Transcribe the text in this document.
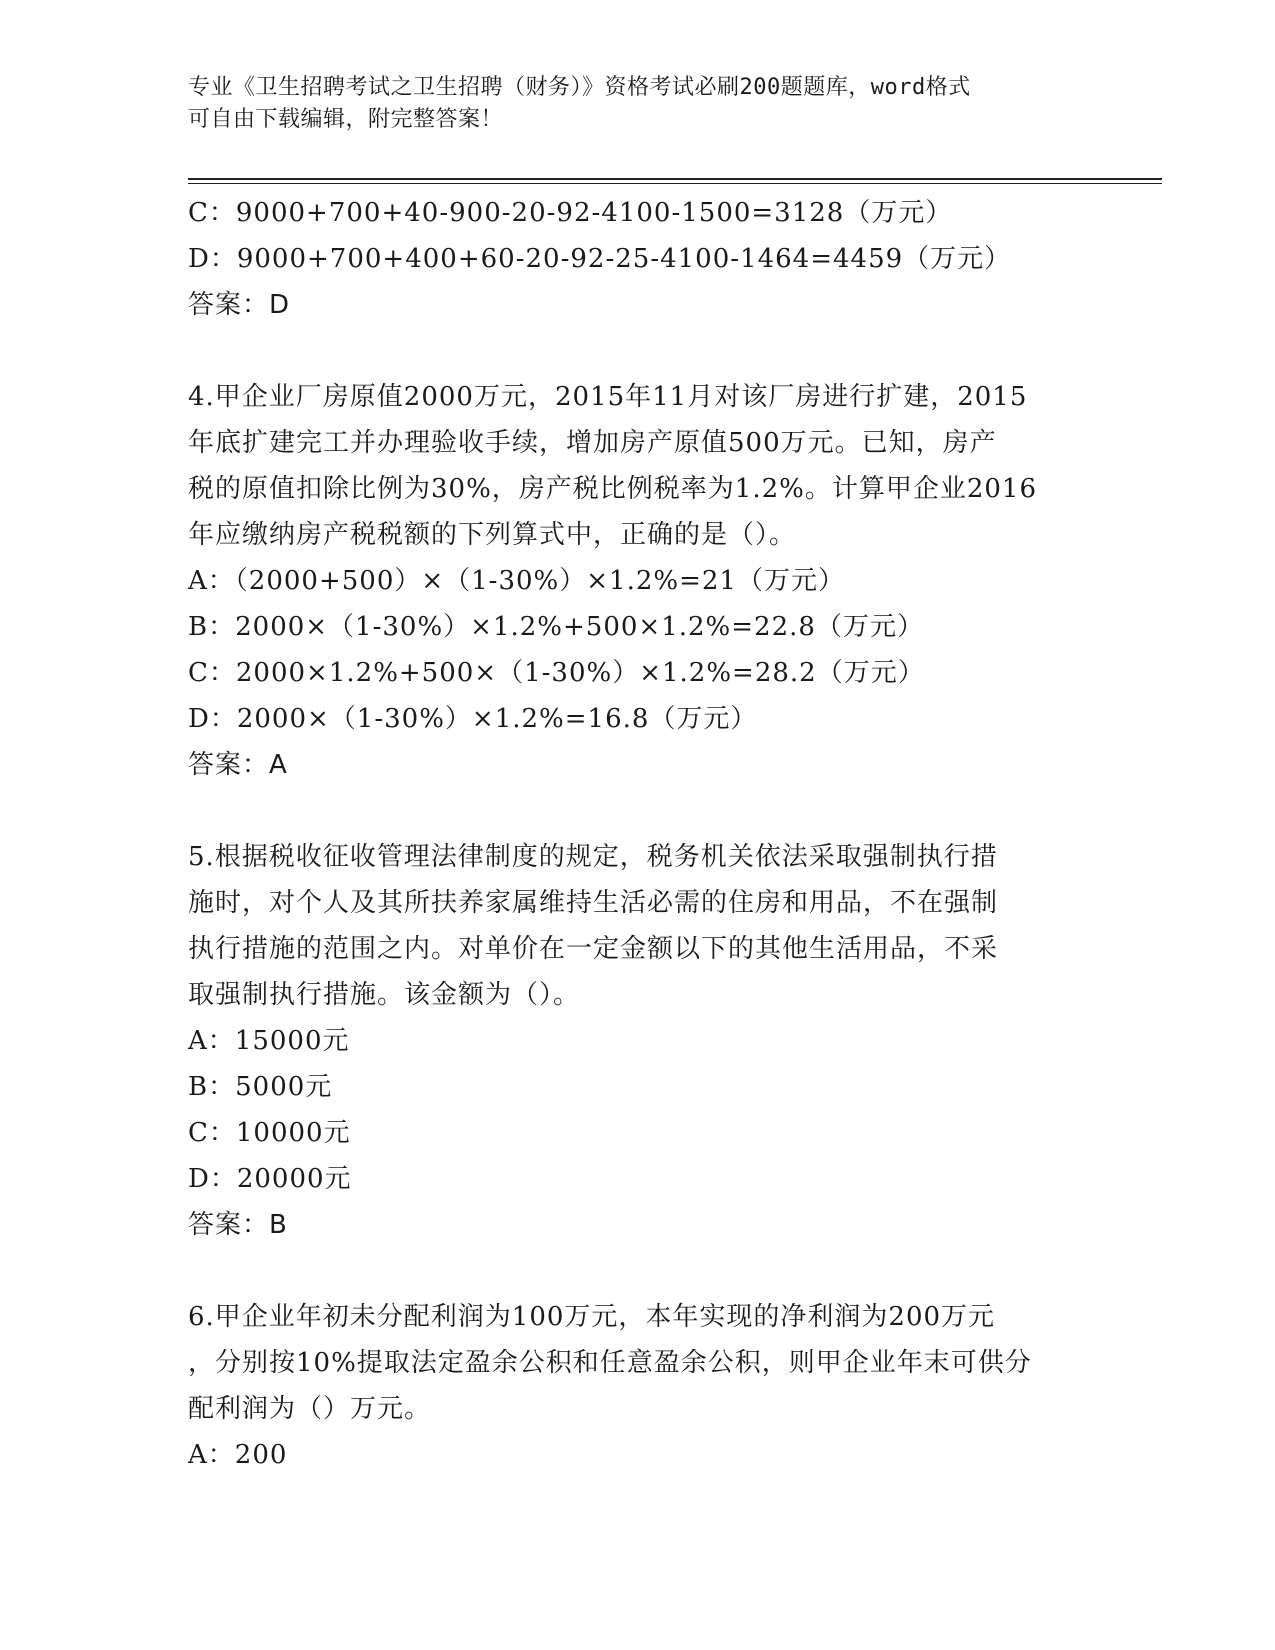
专业《卫生招聘考试之卫生招聘（财务）》资格考试必刷200题题库，word格式
可自由下载编辑，附完整答案！
C：9000+700+40-900-20-92-4100-1500=3128（万元）
D：9000+700+400+60-20-92-25-4100-1464=4459（万元）
答案：D
4.甲企业厂房原值2000万元，2015年11月对该厂房进行扩建，2015
年底扩建完工并办理验收手续，增加房产原值500万元。已知，房产
税的原值扣除比例为30%，房产税比例税率为1.2%。计算甲企业2016
年应缴纳房产税税额的下列算式中，正确的是（）。
A：（2000+500）×（1-30%）×1.2%=21（万元）
B：2000×（1-30%）×1.2%+500×1.2%=22.8（万元）
C：2000×1.2%+500×（1-30%）×1.2%=28.2（万元）
D：2000×（1-30%）×1.2%=16.8（万元）
答案：A
5.根据税收征收管理法律制度的规定，税务机关依法采取强制执行措
施时，对个人及其所扶养家属维持生活必需的住房和用品，不在强制
执行措施的范围之内。对单价在一定金额以下的其他生活用品，不采
取强制执行措施。该金额为（）。
A：15000元
B：5000元
C：10000元
D：20000元
答案：B
6.甲企业年初未分配利润为100万元，本年实现的净利润为200万元
，分别按10%提取法定盈余公积和任意盈余公积，则甲企业年末可供分
配利润为（）万元。
A：200
